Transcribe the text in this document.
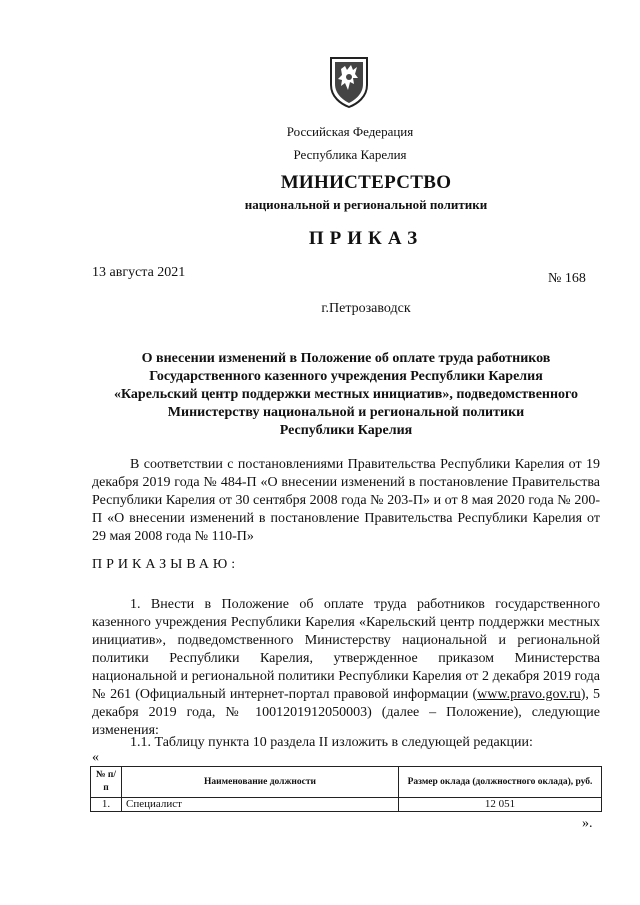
Российская Федерация
Республика Карелия
МИНИСТЕРСТВО
национальной и региональной политики
ПРИКАЗ
13 августа 2021	№ 168
г.Петрозаводск
О внесении изменений в Положение об оплате труда работников
Государственного казенного учреждения Республики Карелия
«Карельский центр поддержки местных инициатив», подведомственного
Министерству национальной и региональной политики
Республики Карелия
В соответствии с постановлениями Правительства Республики Карелия от 19 декабря 2019 года № 484-П «О внесении изменений в постановление Правительства Республики Карелия от 30 сентября 2008 года № 203-П» и от 8 мая 2020 года № 200-П «О внесении изменений в постановление Правительства Республики Карелия от 29 мая 2008 года № 110-П»
ПРИКАЗЫВАЮ:
1. Внести в Положение об оплате труда работников государственного казенного учреждения Республики Карелия «Карельский центр поддержки местных инициатив», подведомственного Министерству национальной и региональной политики Республики Карелия, утвержденное приказом Министерства национальной и региональной политики Республики Карелия от 2 декабря 2019 года № 261 (Официальный интернет-портал правовой информации (www.pravo.gov.ru), 5 декабря 2019 года, № 1001201912050003) (далее – Положение), следующие изменения:
1.1. Таблицу пункта 10 раздела II изложить в следующей редакции:
«
№ п/п	Наименование должности	Размер оклада (должностного оклада), руб.
1.	Специалист	12 051
».
